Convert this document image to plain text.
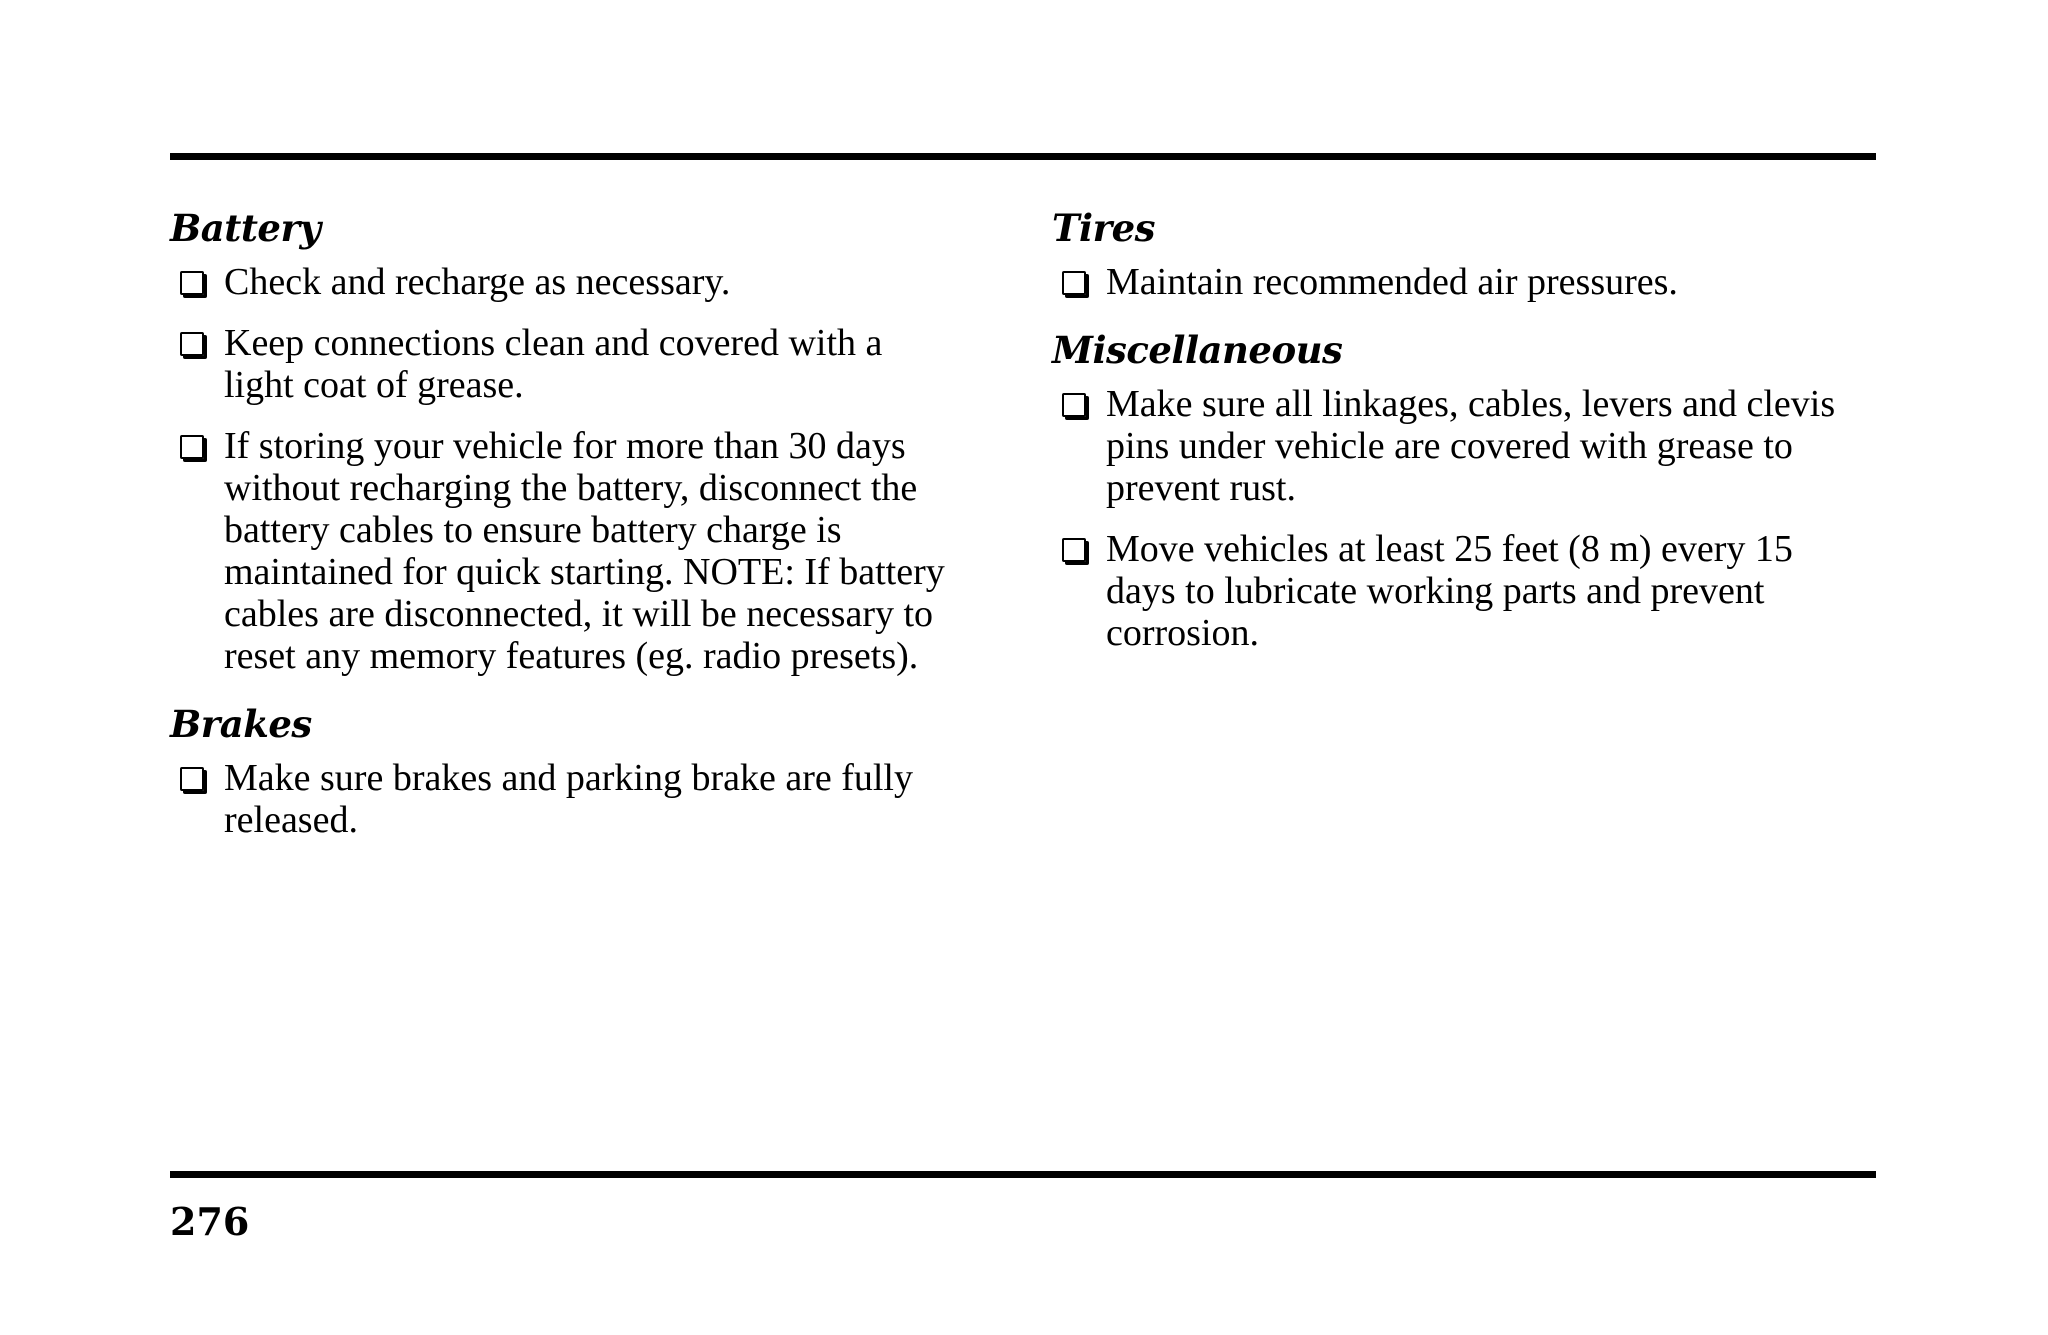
Battery
Check and recharge as necessary.
Keep connections clean and covered with a
light coat of grease.
If storing your vehicle for more than 30 days
without recharging the battery, disconnect the
battery cables to ensure battery charge is
maintained for quick starting. NOTE: If battery
cables are disconnected, it will be necessary to
reset any memory features (eg. radio presets).
Brakes
Make sure brakes and parking brake are fully
released.
Tires
Maintain recommended air pressures.
Miscellaneous
Make sure all linkages, cables, levers and clevis
pins under vehicle are covered with grease to
prevent rust.
Move vehicles at least 25 feet (8 m) every 15
days to lubricate working parts and prevent
corrosion.
276
